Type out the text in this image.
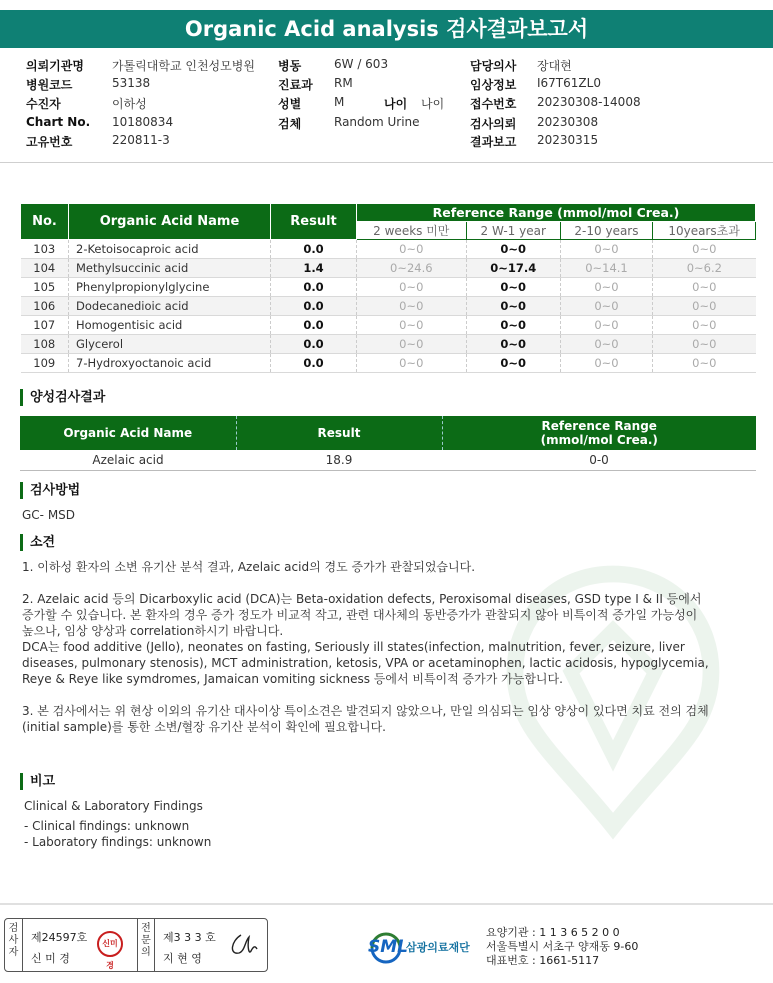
Organic Acid analysis 검사결과보고서
의뢰기관명 가톨릭대학교 인천성모병원
병원코드	53138
수진자	이하성
Chart No. 10180834
고유번호	220811-3
병동	6W / 603
진료과 RM
성별	M	나이 나이
검체	Random Urine
담당의사 장대현
임상정보 I67T61ZL0
접수번호 20230308-14008
검사의뢰 20230308
결과보고 20230315
No.	Organic Acid Name	Result	Reference Range (mmol/mol Crea.)			
			2 weeks 미만	2 W-1 year	2-10 years	10years초과
103	2-Ketoisocaproic acid	0.0	0~0	0~0	0~0	0~0
104	Methylsuccinic acid	1.4	0~24.6	0~17.4	0~14.1	0~6.2
105	Phenylpropionylglycine	0.0	0~0	0~0	0~0	0~0
106	Dodecanedioic acid	0.0	0~0	0~0	0~0	0~0
107	Homogentisic acid	0.0	0~0	0~0	0~0	0~0
108	Glycerol	0.0	0~0	0~0	0~0	0~0
109	7-Hydroxyoctanoic acid	0.0	0~0	0~0	0~0	0~0
양성검사결과
Organic Acid Name	Result	Reference Range
(mmol/mol Crea.)

Azelaic acid	18.9	0-0
검사방법
GC- MSD
소견
1. 이하성 환자의 소변 유기산 분석 결과, Azelaic acid의 경도 증가가 관찰되었습니다.
2. Azelaic acid 등의 Dicarboxylic acid (DCA)는 Beta-oxidation defects, Peroxisomal diseases, GSD type I & II 등에서
증가할 수 있습니다. 본 환자의 경우 증가 정도가 비교적 작고, 관련 대사체의 동반증가가 관찰되지 않아 비특이적 증가일 가능성이
높으나, 임상 양상과 correlation하시기 바랍니다.
DCA는 food additive (Jello), neonates on fasting, Seriously ill states(infection, malnutrition, fever, seizure, liver
diseases, pulmonary stenosis), MCT administration, ketosis, VPA or acetaminophen, lactic acidosis, hypoglycemia,
Reye & Reye like symdromes, Jamaican vomiting sickness 등에서 비특이적 증가가 가능합니다.
3. 본 검사에서는 위 현상 이외의 유기산 대사이상 특이소견은 발견되지 않았으나, 만일 의심되는 임상 양상이 있다면 치료 전의 검체
(initial sample)를 통한 소변/혈장 유기산 분석이 확인에 필요합니다.
비고
Clinical & Laboratory Findings
- Clinical findings: unknown
- Laboratory findings: unknown
검사자
제24597호
신 미 경
신미경
전문의
제3 3 3 호
지 현 영
SML
삼광의료재단
요양기관 : 1 1 3 6 5 2 0 0
서울특별시 서초구 양재동 9-60
대표번호 : 1661-5117
